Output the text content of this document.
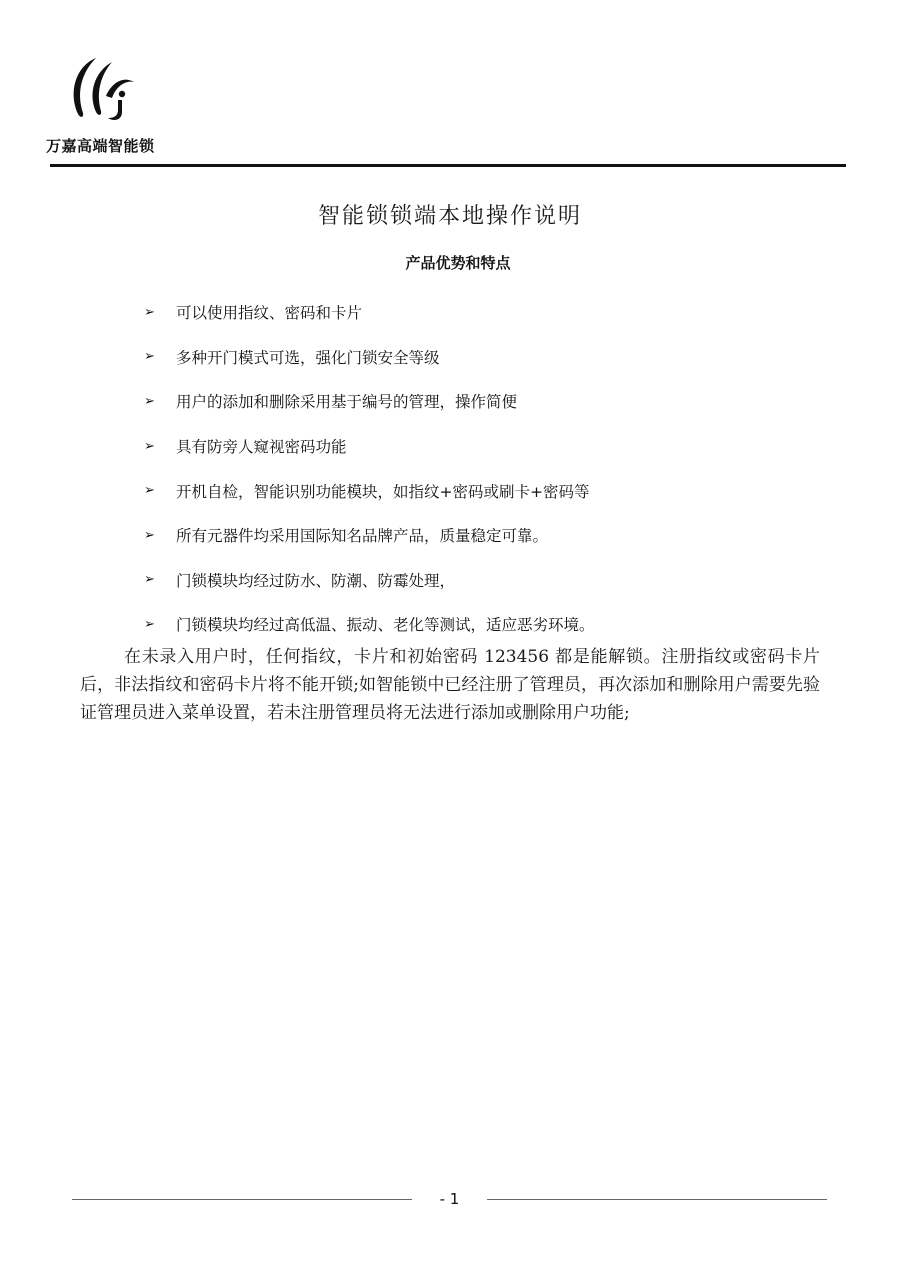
万嘉高端智能锁
智能锁锁端本地操作说明
产品优势和特点
➢	可以使用指纹、密码和卡片
➢	多种开门模式可选，强化门锁安全等级
➢	用户的添加和删除采用基于编号的管理，操作简便
➢	具有防旁人窥视密码功能
➢	开机自检，智能识别功能模块，如指纹+密码或刷卡+密码等
➢	所有元器件均采用国际知名品牌产品，质量稳定可靠。
➢	门锁模块均经过防水、防潮、防霉处理，
➢	门锁模块均经过高低温、振动、老化等测试，适应恶劣环境。

在未录入用户时，任何指纹，卡片和初始密码 123456 都是能解锁。注册指纹或密码卡片后，非法指纹和密码卡片将不能开锁;如智能锁中已经注册了管理员，再次添加和删除用户需要先验证管理员进入菜单设置，若未注册管理员将无法进行添加或删除用户功能;

- 1
